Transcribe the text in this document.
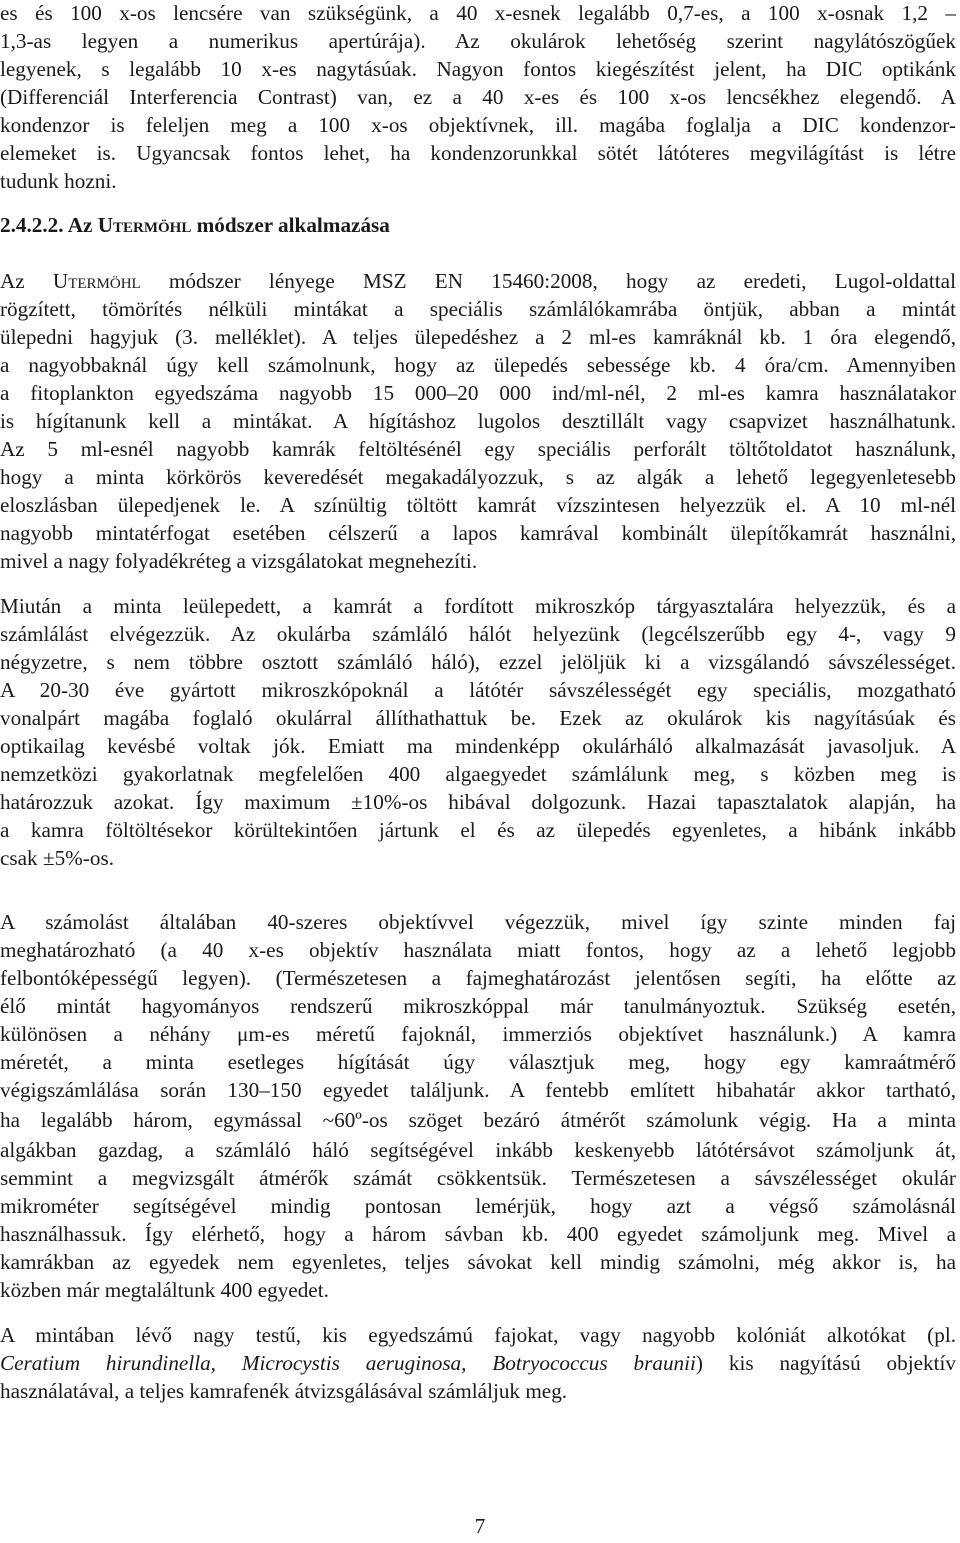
es és 100 x-os lencsére van szükségünk, a 40 x-esnek legalább 0,7-es, a 100 x-osnak 1,2 –
1,3-as legyen a numerikus apertúrája). Az okulárok lehetőség szerint nagylátószögűek
legyenek, s legalább 10 x-es nagytásúak. Nagyon fontos kiegészítést jelent, ha DIC optikánk
(Differenciál Interferencia Contrast) van, ez a 40 x-es és 100 x-os lencsékhez elegendő. A
kondenzor is feleljen meg a 100 x-os objektívnek, ill. magába foglalja a DIC kondenzor-
elemeket is. Ugyancsak fontos lehet, ha kondenzorunkkal sötét látóteres megvilágítást is létre
tudunk hozni.
2.4.2.2. Az Utermöhl módszer alkalmazása
Az Utermöhl módszer lényege MSZ EN 15460:2008, hogy az eredeti, Lugol-oldattal
rögzített, tömörítés nélküli mintákat a speciális számlálókamrába öntjük, abban a mintát
ülepedni hagyjuk (3. melléklet). A teljes ülepedéshez a 2 ml-es kamráknál kb. 1 óra elegendő,
a nagyobbaknál úgy kell számolnunk, hogy az ülepedés sebessége kb. 4 óra/cm. Amennyiben
a fitoplankton egyedszáma nagyobb 15 000–20 000 ind/ml-nél, 2 ml-es kamra használatakor
is hígítanunk kell a mintákat. A hígításhoz lugolos desztillált vagy csapvizet használhatunk.
Az 5 ml-esnél nagyobb kamrák feltöltésénél egy speciális perforált töltőtoldatot használunk,
hogy a minta körkörös keveredését megakadályozzuk, s az algák a lehető legegyenletesebb
eloszlásban ülepedjenek le. A színültig töltött kamrát vízszintesen helyezzük el. A 10 ml-nél
nagyobb mintatérfogat esetében célszerű a lapos kamrával kombinált ülepítőkamrát használni,
mivel a nagy folyadékréteg a vizsgálatokat megnehezíti.
Miután a minta leülepedett, a kamrát a fordított mikroszkóp tárgyasztalára helyezzük, és a
számlálást elvégezzük. Az okulárba számláló hálót helyezünk (legcélszerűbb egy 4-, vagy 9
négyzetre, s nem többre osztott számláló háló), ezzel jelöljük ki a vizsgálandó sávszélességet.
A 20-30 éve gyártott mikroszkópoknál a látótér sávszélességét egy speciális, mozgatható
vonalpárt magába foglaló okulárral állíthathattuk be. Ezek az okulárok kis nagyításúak és
optikailag kevésbé voltak jók. Emiatt ma mindenképp okulárháló alkalmazását javasoljuk. A
nemzetközi gyakorlatnak megfelelően 400 algaegyedet számlálunk meg, s közben meg is
határozzuk azokat. Így maximum ±10%-os hibával dolgozunk. Hazai tapasztalatok alapján, ha
a kamra föltöltésekor körültekintően jártunk el és az ülepedés egyenletes, a hibánk inkább
csak ±5%-os.
A számolást általában 40-szeres objektívvel végezzük, mivel így szinte minden faj
meghatározható (a 40 x-es objektív használata miatt fontos, hogy az a lehető legjobb
felbontóképességű legyen). (Természetesen a fajmeghatározást jelentősen segíti, ha előtte az
élő mintát hagyományos rendszerű mikroszkóppal már tanulmányoztuk. Szükség esetén,
különösen a néhány μm-es méretű fajoknál, immerziós objektívet használunk.) A kamra
méretét, a minta esetleges hígítását úgy választjuk meg, hogy egy kamraátmérő
végigszámlálása során 130–150 egyedet találjunk. A fentebb említett hibahatár akkor tartható,
ha legalább három, egymással ~60º-os szöget bezáró átmérőt számolunk végig. Ha a minta
algákban gazdag, a számláló háló segítségével inkább keskenyebb látótérsávot számoljunk át,
semmint a megvizsgált átmérők számát csökkentsük. Természetesen a sávszélességet okulár
mikrométer segítségével mindig pontosan lemérjük, hogy azt a végső számolásnál
használhassuk. Így elérhető, hogy a három sávban kb. 400 egyedet számoljunk meg. Mivel a
kamrákban az egyedek nem egyenletes, teljes sávokat kell mindig számolni, még akkor is, ha
közben már megtaláltunk 400 egyedet.
A mintában lévő nagy testű, kis egyedszámú fajokat, vagy nagyobb kolóniát alkotókat (pl.
Ceratium hirundinella, Microcystis aeruginosa, Botryococcus braunii) kis nagyítású objektív
használatával, a teljes kamrafenék átvizsgálásával számláljuk meg.
7
